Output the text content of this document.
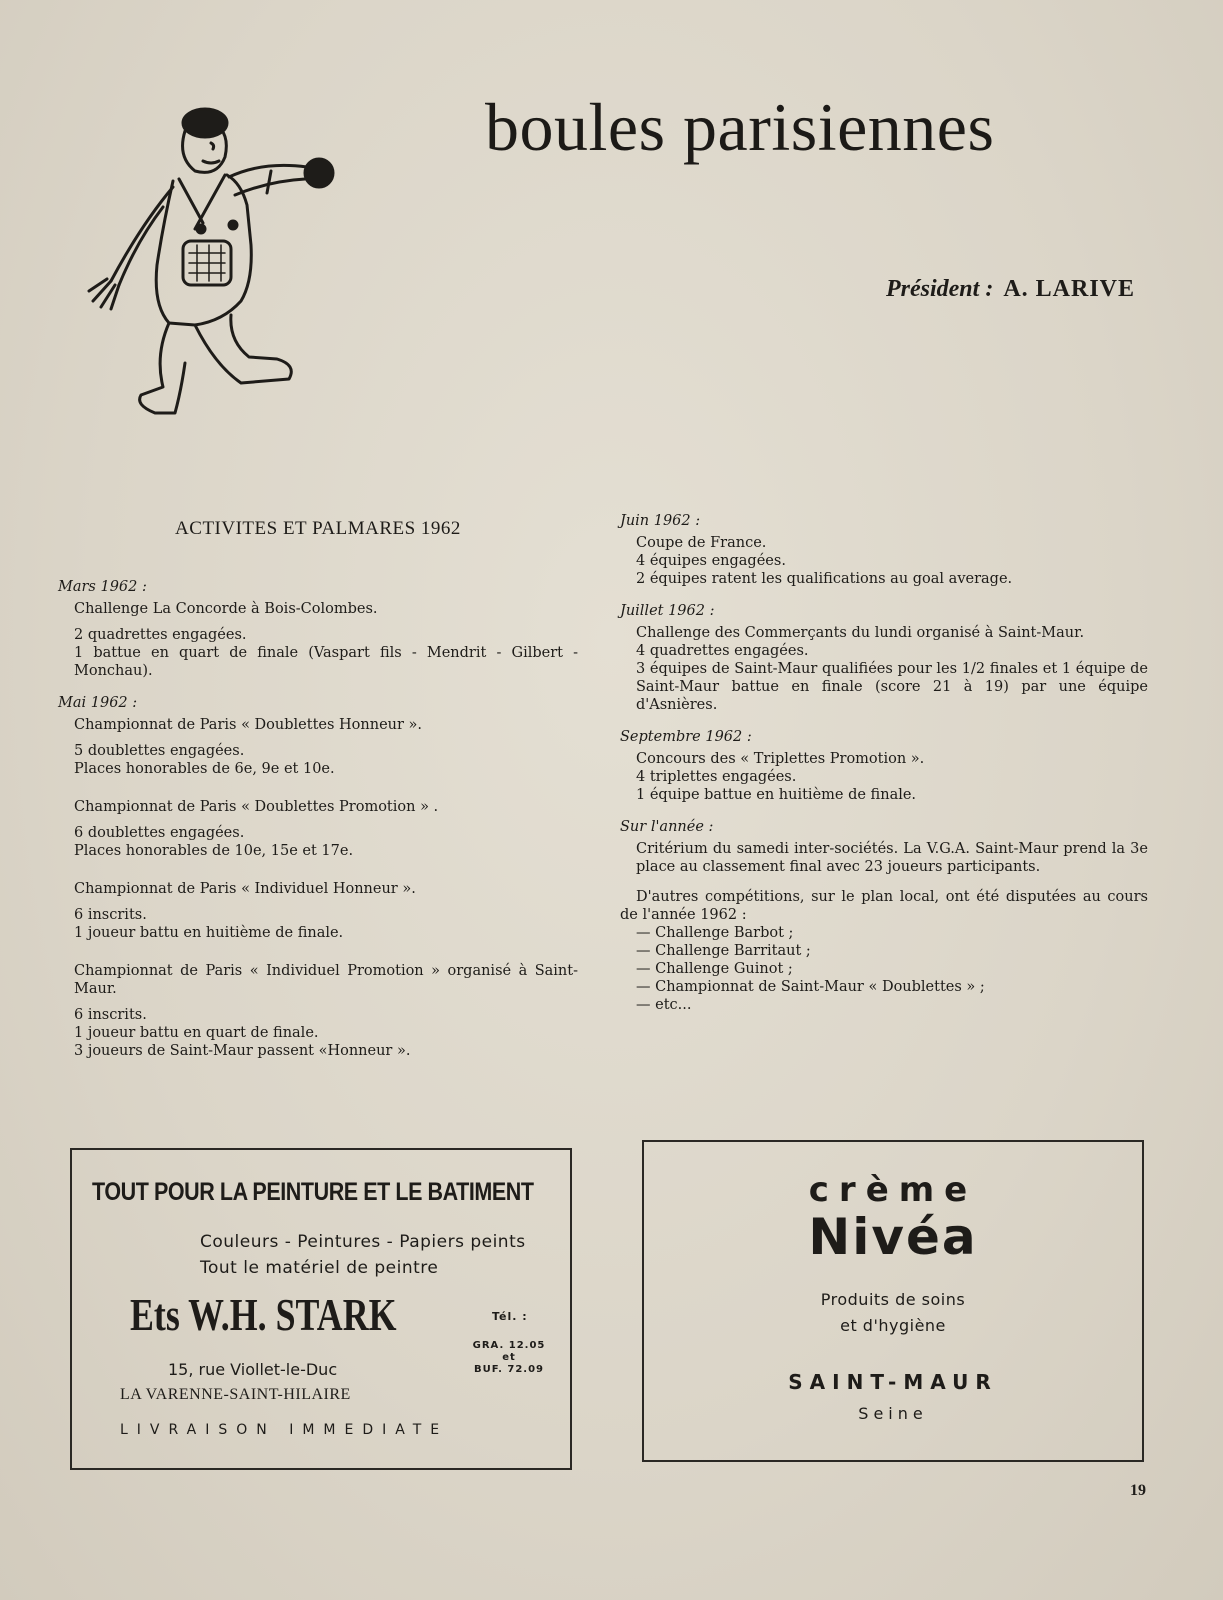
boules parisiennes
Président : A. LARIVE
ACTIVITES ET PALMARES 1962

Mars 1962 :

Challenge La Concorde à Bois-Colombes.

2 quadrettes engagées.

1 battue en quart de finale (Vaspart fils - Mendrit - Gilbert - Monchau).

Mai 1962 :

Championnat de Paris « Doublettes Honneur ».

5 doublettes engagées.

Places honorables de 6e, 9e et 10e.

Championnat de Paris « Doublettes Promotion » .

6 doublettes engagées.

Places honorables de 10e, 15e et 17e.

Championnat de Paris « Individuel Honneur ».

6 inscrits.

1 joueur battu en huitième de finale.

Championnat de Paris « Individuel Promotion » organisé à Saint-Maur.

6 inscrits.

1 joueur battu en quart de finale.

3 joueurs de Saint-Maur passent «Honneur ».

Juin 1962 :

Coupe de France.

4 équipes engagées.

2 équipes ratent les qualifications au goal average.

Juillet 1962 :

Challenge des Commerçants du lundi organisé à Saint-Maur.

4 quadrettes engagées.

3 équipes de Saint-Maur qualifiées pour les 1/2 finales et 1 équipe de Saint-Maur battue en finale (score 21 à 19) par une équipe d'Asnières.

Septembre 1962 :

Concours des « Triplettes Promotion ».

4 triplettes engagées.

1 équipe battue en huitième de finale.

Sur l'année :

Critérium du samedi inter-sociétés. La V.G.A. Saint-Maur prend la 3e place au classement final avec 23 joueurs participants.

D'autres compétitions, sur le plan local, ont été disputées au cours de l'année 1962 :

— Challenge Barbot ;

— Challenge Barritaut ;

— Challenge Guinot ;

— Championnat de Saint-Maur « Doublettes » ;

— etc...

TOUT POUR LA PEINTURE ET LE BATIMENT
Couleurs - Peintures - Papiers peints
Tout le matériel de peintre
Ets W.H. STARK	Tél. :
GRA. 12.05
et
BUF. 72.09
15, rue Viollet-le-Duc
LA VARENNE-SAINT-HILAIRE
LIVRAISON IMMEDIATE
crème
Nivéa
Produits de soins
et d'hygiène
SAINT-MAUR
Seine
19
